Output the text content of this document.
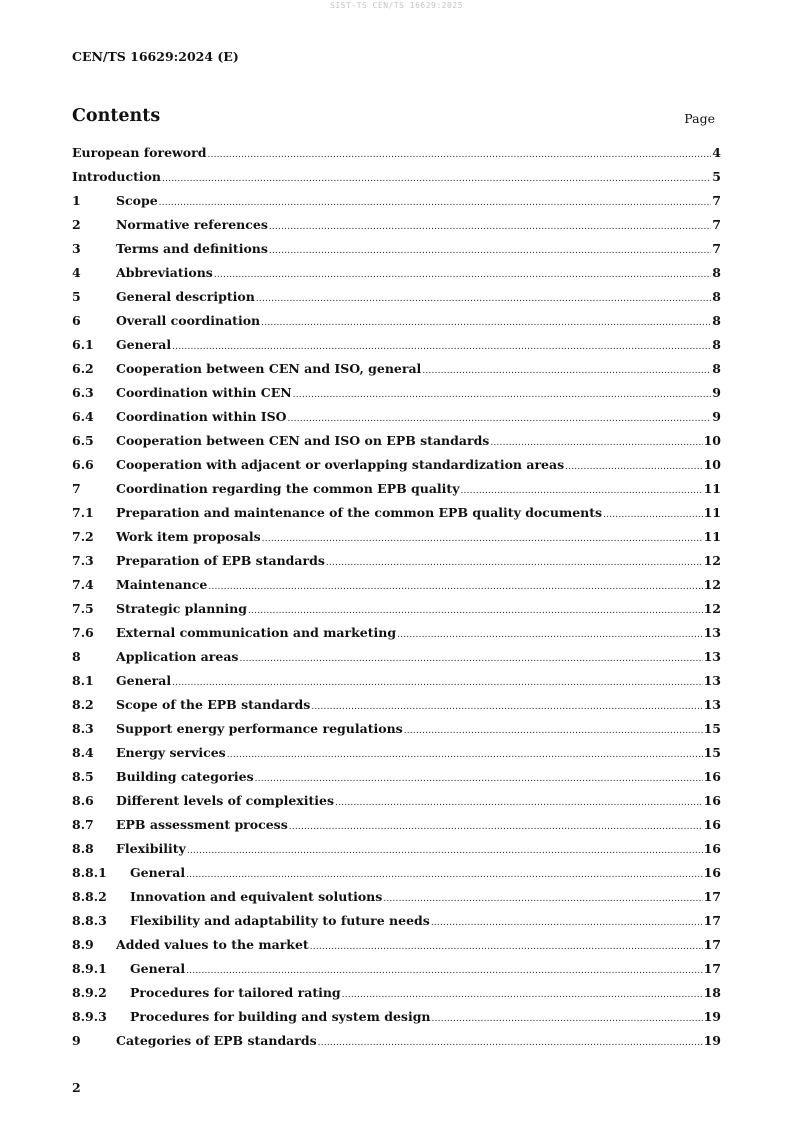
SIST-TS CEN/TS 16629:2025
CEN/TS 16629:2024 (E)
Contents	Page
European foreword .....	4
Introduction .....	5
1	Scope .....	7
2	Normative references .....	7
3	Terms and definitions .....	7
4	Abbreviations .....	8
5	General description .....	8
6	Overall coordination .....	8
6.1	General .....	8
6.2	Cooperation between CEN and ISO, general .....	8
6.3	Coordination within CEN .....	9
6.4	Coordination within ISO .....	9
6.5	Cooperation between CEN and ISO on EPB standards .....	10
6.6	Cooperation with adjacent or overlapping standardization areas .....	10
7	Coordination regarding the common EPB quality .....	11
7.1	Preparation and maintenance of the common EPB quality documents .....	11
7.2	Work item proposals .....	11
7.3	Preparation of EPB standards .....	12
7.4	Maintenance .....	12
7.5	Strategic planning .....	12
7.6	External communication and marketing .....	13
8	Application areas .....	13
8.1	General .....	13
8.2	Scope of the EPB standards .....	13
8.3	Support energy performance regulations .....	15
8.4	Energy services .....	15
8.5	Building categories .....	16
8.6	Different levels of complexities .....	16
8.7	EPB assessment process .....	16
8.8	Flexibility .....	16
8.8.1	General .....	16
8.8.2	Innovation and equivalent solutions .....	17
8.8.3	Flexibility and adaptability to future needs .....	17
8.9	Added values to the market .....	17
8.9.1	General .....	17
8.9.2	Procedures for tailored rating .....	18
8.9.3	Procedures for building and system design .....	19
9	Categories of EPB standards .....	19
2
